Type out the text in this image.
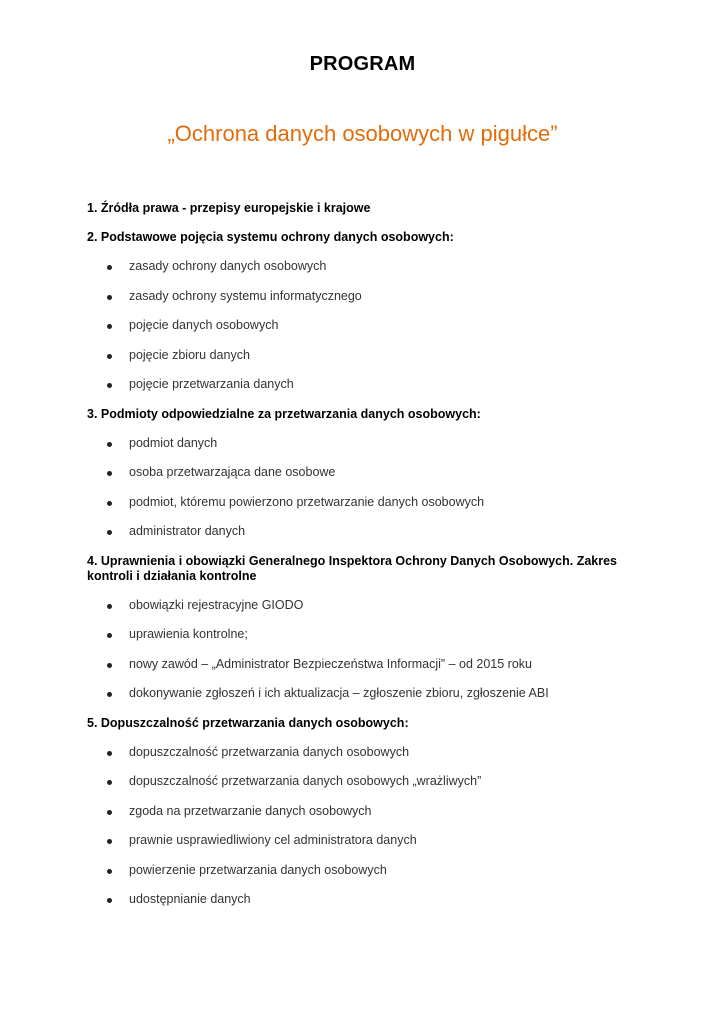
PROGRAM
„Ochrona danych osobowych w pigułce”
1. Źródła prawa - przepisy europejskie i krajowe
2. Podstawowe pojęcia systemu ochrony danych osobowych:
zasady ochrony danych osobowych
zasady ochrony systemu informatycznego
pojęcie danych osobowych
pojęcie zbioru danych
pojęcie przetwarzania danych
3. Podmioty odpowiedzialne za przetwarzania danych osobowych:
podmiot danych
osoba przetwarzająca dane osobowe
podmiot, któremu powierzono przetwarzanie danych osobowych
administrator danych
4. Uprawnienia i obowiązki Generalnego Inspektora Ochrony Danych Osobowych. Zakres kontroli i działania kontrolne
obowiązki rejestracyjne GIODO
uprawienia kontrolne;
nowy zawód – „Administrator Bezpieczeństwa Informacji” – od 2015 roku
dokonywanie zgłoszeń i ich aktualizacja – zgłoszenie zbioru, zgłoszenie ABI
5. Dopuszczalność przetwarzania danych osobowych:
dopuszczalność przetwarzania danych osobowych
dopuszczalność przetwarzania danych osobowych „wrażliwych”
zgoda na przetwarzanie danych osobowych
prawnie usprawiedliwiony cel administratora danych
powierzenie przetwarzania danych osobowych
udostępnianie danych
